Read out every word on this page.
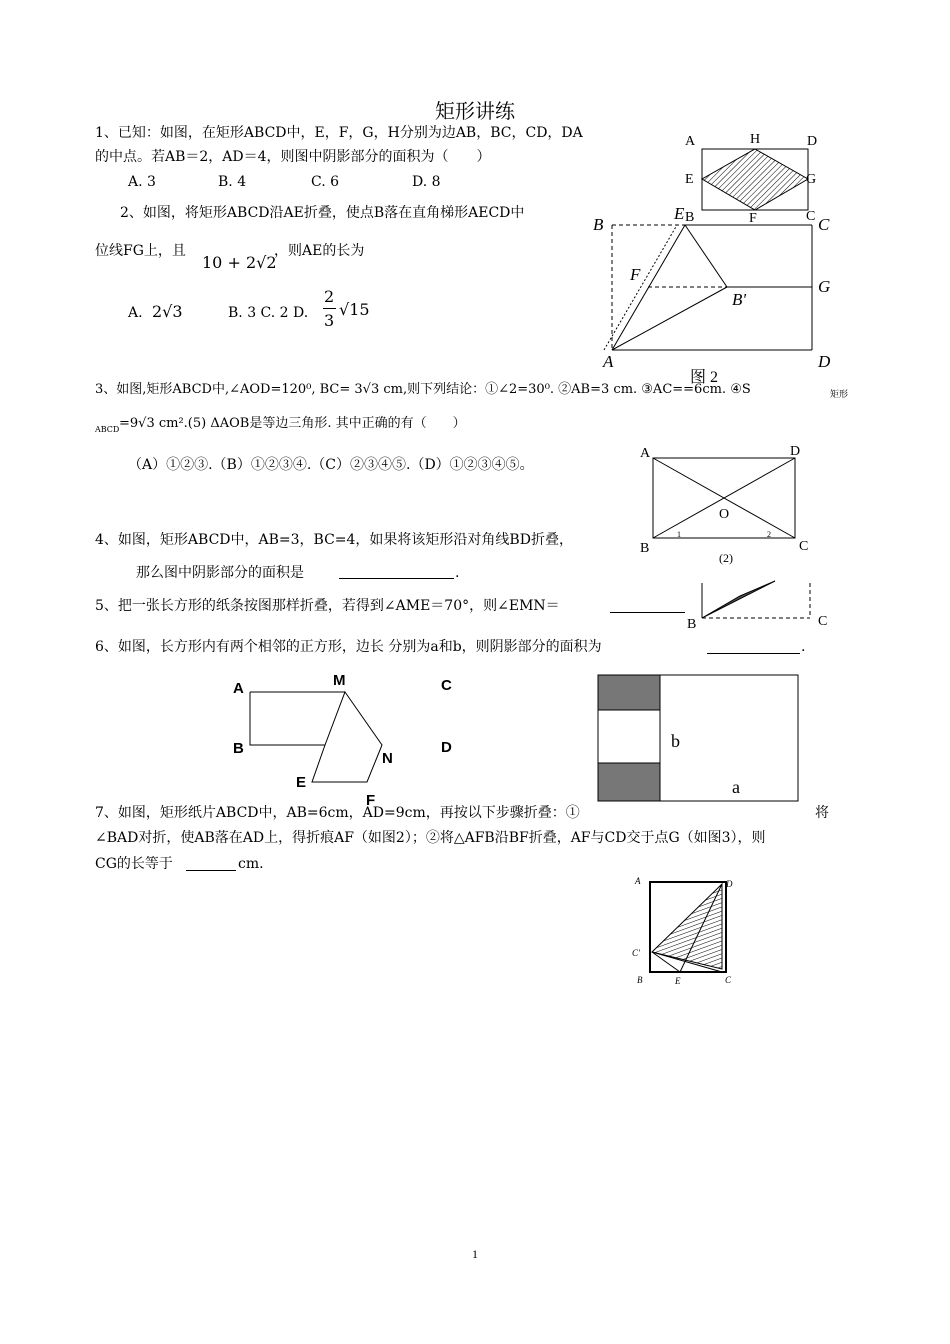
矩形讲练
1、已知：如图，在矩形ABCD中，E，F，G，H分别为边AB，BC，CD，DA
的中点。若AB＝2，AD＝4，则图中阴影部分的面积为（　　）
A. 3	B. 4	C. 6	D. 8
A	H	D
E	G
B	F	C
2、如图，将矩形ABCD沿AE折叠，使点B落在直角梯形AECD中
位线FG上，且
10 + 2√2
，则AE的长为
A. 2√3	B. 3 C. 2 D.
2
3
√15
B
E
C
F
G
B'
A	D
图 2
3、如图,矩形ABCD中,∠AOD=120⁰, BC= 3√3 cm,则下列结论：①∠2=30⁰. ②AB=3 cm. ③AC==6cm. ④S	矩形
ABCD =9√3 cm².(5) ΔAOB是等边三角形. 其中正确的有（　　）
（A）①②③.（B）①②③④.（C）②③④⑤.（D）①②③④⑤。
A	D
O
B	C
1	2
(2)
4、如图，矩形ABCD中，AB=3，BC=4，如果将该矩形沿对角线BD折叠，
那么图中阴影部分的面积是	.
5、把一张长方形的纸条按图那样折叠，若得到∠AME＝70°，则∠EMN＝
B	C
6、如图，长方形内有两个相邻的正方形，边长 分别为a和b，则阴影部分的面积为	.
A	M	C
B	D
N
E
F
b
a
7、如图，矩形纸片ABCD中，AB=6cm，AD=9cm，再按以下步骤折叠：①	将
∠BAD对折，使AB落在AD上，得折痕AF（如图2）；②将△AFB沿BF折叠，AF与CD交于点G（如图3），则
CG的长等于	cm.
A	D
C'
B	E	C
1
